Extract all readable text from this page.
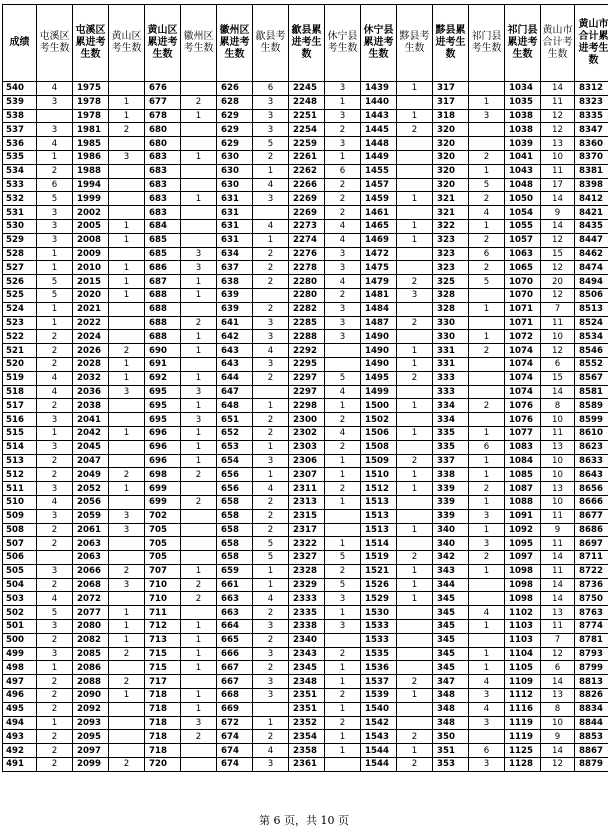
成绩	屯溪区考生数	屯溪区累进考生数	黄山区考生数	黄山区累进考生数	徽州区考生数	徽州区累进考生数	歙县考生数	歙县累进考生数	休宁县考生数	休宁县累进考生数	黟县考生数	黟县累进考生数	祁门县考生数	祁门县累进考生数	黄山市合计考生数	黄山市合计累进考生数
540	4	1975		676		626	6	2245	3	1439	1	317		1034	14	8312
539	3	1978	1	677	2	628	3	2248	1	1440		317	1	1035	11	8323
538		1978	1	678	1	629	3	2251	3	1443	1	318	3	1038	12	8335
537	3	1981	2	680		629	3	2254	2	1445	2	320		1038	12	8347
536	4	1985		680		629	5	2259	3	1448		320		1039	13	8360
535	1	1986	3	683	1	630	2	2261	1	1449		320	2	1041	10	8370
534	2	1988		683		630	1	2262	6	1455		320	1	1043	11	8381
533	6	1994		683		630	4	2266	2	1457		320	5	1048	17	8398
532	5	1999		683	1	631	3	2269	2	1459	1	321	2	1050	14	8412
531	3	2002		683		631		2269	2	1461		321	4	1054	9	8421
530	3	2005	1	684		631	4	2273	4	1465	1	322	1	1055	14	8435
529	3	2008	1	685		631	1	2274	4	1469	1	323	2	1057	12	8447
528	1	2009		685	3	634	2	2276	3	1472		323	6	1063	15	8462
527	1	2010	1	686	3	637	2	2278	3	1475		323	2	1065	12	8474
526	5	2015	1	687	1	638	2	2280	4	1479	2	325	5	1070	20	8494
525	5	2020	1	688	1	639		2280	2	1481	3	328		1070	12	8506
524	1	2021		688		639	2	2282	3	1484		328	1	1071	7	8513
523	1	2022		688	2	641	3	2285	3	1487	2	330		1071	11	8524
522	2	2024		688	1	642	3	2288	3	1490		330	1	1072	10	8534
521	2	2026	2	690	1	643	4	2292		1490	1	331	2	1074	12	8546
520	2	2028	1	691		643	3	2295		1490	1	331		1074	6	8552
519	4	2032	1	692	1	644	2	2297	5	1495	2	333		1074	15	8567
518	4	2036	3	695	3	647		2297	4	1499		333		1074	14	8581
517	2	2038		695	1	648	1	2298	1	1500	1	334	2	1076	8	8589
516	3	2041		695	3	651	2	2300	2	1502		334		1076	10	8599
515	1	2042	1	696	1	652	2	2302	4	1506	1	335	1	1077	11	8610
514	3	2045		696	1	653	1	2303	2	1508		335	6	1083	13	8623
513	2	2047		696	1	654	3	2306	1	1509	2	337	1	1084	10	8633
512	2	2049	2	698	2	656	1	2307	1	1510	1	338	1	1085	10	8643
511	3	2052	1	699		656	4	2311	2	1512	1	339	2	1087	13	8656
510	4	2056		699	2	658	2	2313	1	1513		339	1	1088	10	8666
509	3	2059	3	702		658	2	2315		1513		339	3	1091	11	8677
508	2	2061	3	705		658	2	2317		1513	1	340	1	1092	9	8686
507	2	2063		705		658	5	2322	1	1514		340	3	1095	11	8697
506		2063		705		658	5	2327	5	1519	2	342	2	1097	14	8711
505	3	2066	2	707	1	659	1	2328	2	1521	1	343	1	1098	11	8722
504	2	2068	3	710	2	661	1	2329	5	1526	1	344		1098	14	8736
503	4	2072		710	2	663	4	2333	3	1529	1	345		1098	14	8750
502	5	2077	1	711		663	2	2335	1	1530		345	4	1102	13	8763
501	3	2080	1	712	1	664	3	2338	3	1533		345	1	1103	11	8774
500	2	2082	1	713	1	665	2	2340		1533		345		1103	7	8781
499	3	2085	2	715	1	666	3	2343	2	1535		345	1	1104	12	8793
498	1	2086		715	1	667	2	2345	1	1536		345	1	1105	6	8799
497	2	2088	2	717		667	3	2348	1	1537	2	347	4	1109	14	8813
496	2	2090	1	718	1	668	3	2351	2	1539	1	348	3	1112	13	8826
495	2	2092		718	1	669		2351	1	1540		348	4	1116	8	8834
494	1	2093		718	3	672	1	2352	2	1542		348	3	1119	10	8844
493	2	2095		718	2	674	2	2354	1	1543	2	350		1119	9	8853
492	2	2097		718		674	4	2358	1	1544	1	351	6	1125	14	8867
491	2	2099	2	720		674	3	2361		1544	2	353	3	1128	12	8879
第 6 页，共 10 页
